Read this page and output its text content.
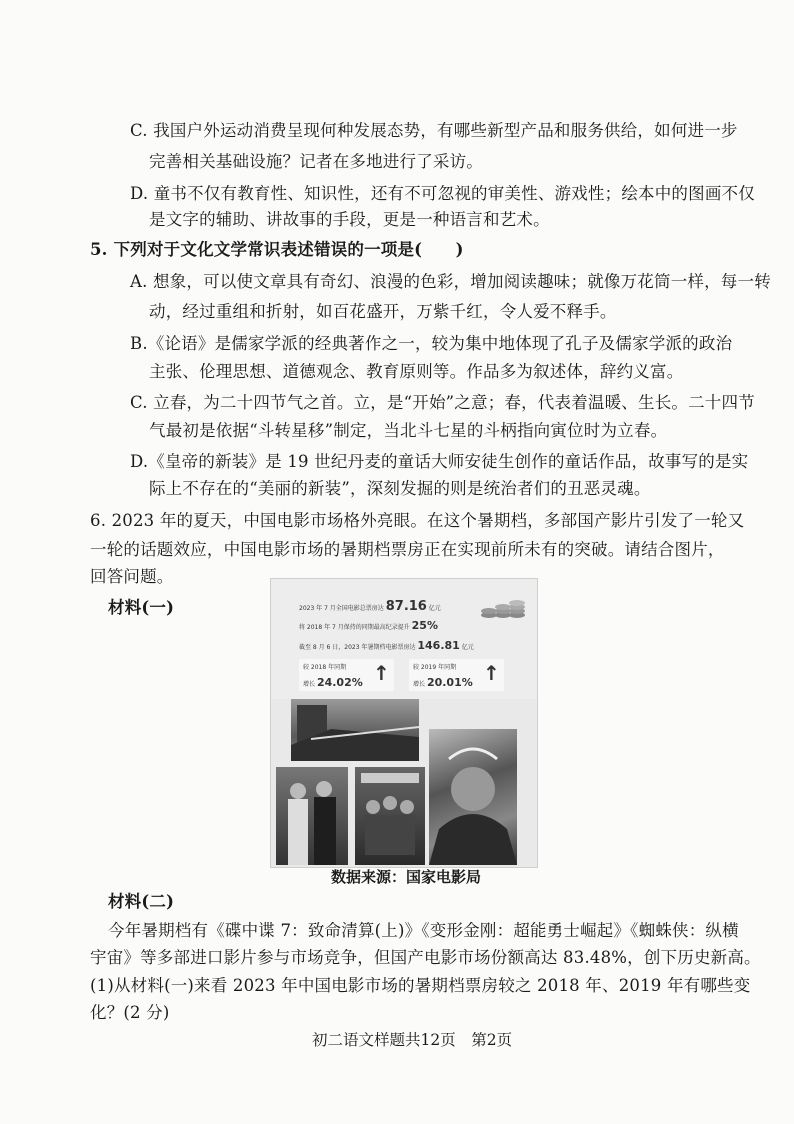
C. 我国户外运动消费呈现何种发展态势，有哪些新型产品和服务供给，如何进一步
完善相关基础设施？记者在多地进行了采访。
D. 童书不仅有教育性、知识性，还有不可忽视的审美性、游戏性；绘本中的图画不仅
是文字的辅助、讲故事的手段，更是一种语言和艺术。
5. 下列对于文化文学常识表述错误的一项是(　　)
A. 想象，可以使文章具有奇幻、浪漫的色彩，增加阅读趣味；就像万花筒一样，每一转
动，经过重组和折射，如百花盛开，万紫千红，令人爱不释手。
B.《论语》是儒家学派的经典著作之一，较为集中地体现了孔子及儒家学派的政治
主张、伦理思想、道德观念、教育原则等。作品多为叙述体，辞约义富。
C. 立春，为二十四节气之首。立，是“开始”之意；春，代表着温暖、生长。二十四节
气最初是依据“斗转星移”制定，当北斗七星的斗柄指向寅位时为立春。
D.《皇帝的新装》是 19 世纪丹麦的童话大师安徒生创作的童话作品，故事写的是实
际上不存在的“美丽的新装”，深刻发掘的则是统治者们的丑恶灵魂。
6. 2023 年的夏天，中国电影市场格外亮眼。在这个暑期档，多部国产影片引发了一轮又
一轮的话题效应，中国电影市场的暑期档票房正在实现前所未有的突破。请结合图片，
回答问题。
材料(一)
材料(二)
今年暑期档有《碟中谍 7：致命清算(上)》《变形金刚：超能勇士崛起》《蜘蛛侠：纵横
宇宙》等多部进口影片参与市场竞争，但国产电影市场份额高达 83.48%，创下历史新高。
(1)从材料(一)来看 2023 年中国电影市场的暑期档票房较之 2018 年、2019 年有哪些变
化？(2 分)
2023 年 7 月全国电影总票房达 87.16 亿元
将 2018 年 7 月保持的同期最高纪录提升 25%
截至 8 月 6 日，2023 年暑期档电影票房达 146.81 亿元
较 2018 年同期
增长 24.02% ↑	较 2019 年同期
增长 20.01% ↑
数据来源：国家电影局
初二语文样题共12页　第2页
